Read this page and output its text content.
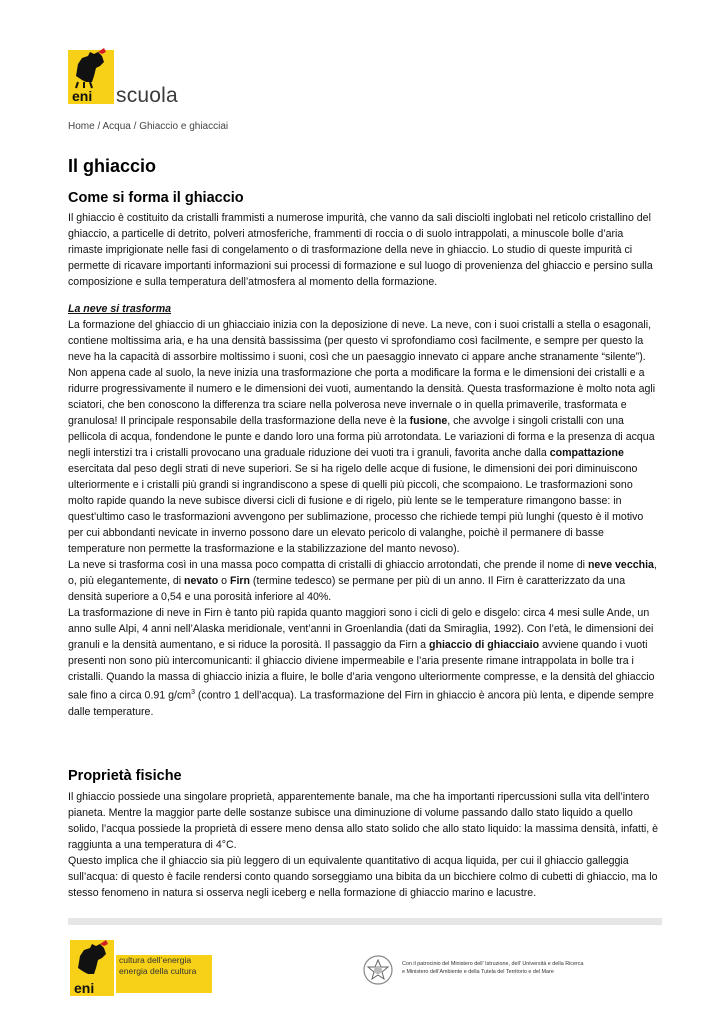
eni scuola
Home / Acqua / Ghiaccio e ghiacciai
Il ghiaccio
Come si forma il ghiaccio

Il ghiaccio è costituito da cristalli frammisti a numerose impurità, che vanno da sali disciolti inglobati nel reticolo cristallino del ghiaccio, a particelle di detrito, polveri atmosferiche, frammenti di roccia o di suolo intrappolati, a minuscole bolle d’aria rimaste imprigionate nelle fasi di congelamento o di trasformazione della neve in ghiaccio. Lo studio di queste impurità ci permette di ricavare importanti informazioni sui processi di formazione e sul luogo di provenienza del ghiaccio e persino sulla composizione e sulla temperatura dell’atmosfera al momento della formazione.

La neve si trasforma

La formazione del ghiaccio di un ghiacciaio inizia con la deposizione di neve. La neve, con i suoi cristalli a stella o esagonali, contiene moltissima aria, e ha una densità bassissima (per questo vi sprofondiamo così facilmente, e sempre per questo la neve ha la capacità di assorbire moltissimo i suoni, così che un paesaggio innevato ci appare anche stranamente “silente”).

Non appena cade al suolo, la neve inizia una trasformazione che porta a modificare la forma e le dimensioni dei cristalli e a ridurre progressivamente il numero e le dimensioni dei vuoti, aumentando la densità. Questa trasformazione è molto nota agli sciatori, che ben conoscono la differenza tra sciare nella polverosa neve invernale o in quella primaverile, trasformata e granulosa! Il principale responsabile della trasformazione della neve è la fusione, che avvolge i singoli cristalli con una pellicola di acqua, fondendone le punte e dando loro una forma più arrotondata. Le variazioni di forma e la presenza di acqua negli interstizi tra i cristalli provocano una graduale riduzione dei vuoti tra i granuli, favorita anche dalla compattazione esercitata dal peso degli strati di neve superiori. Se si ha rigelo delle acque di fusione, le dimensioni dei pori diminuiscono ulteriormente e i cristalli più grandi si ingrandiscono a spese di quelli più piccoli, che scompaiono. Le trasformazioni sono molto rapide quando la neve subisce diversi cicli di fusione e di rigelo, più lente se le temperature rimangono basse: in quest’ultimo caso le trasformazioni avvengono per sublimazione, processo che richiede tempi più lunghi (questo è il motivo per cui abbondanti nevicate in inverno possono dare un elevato pericolo di valanghe, poichè il permanere di basse temperature non permette la trasformazione e la stabilizzazione del manto nevoso).

La neve si trasforma così in una massa poco compatta di cristalli di ghiaccio arrotondati, che prende il nome di neve vecchia, o, più elegantemente, di nevato o Firn (termine tedesco) se permane per più di un anno. Il Firn è caratterizzato da una densità superiore a 0,54 e una porosità inferiore al 40%.

La trasformazione di neve in Firn è tanto più rapida quanto maggiori sono i cicli di gelo e disgelo: circa 4 mesi sulle Ande, un anno sulle Alpi, 4 anni nell’Alaska meridionale, vent’anni in Groenlandia (dati da Smiraglia, 1992). Con l’età, le dimensioni dei granuli e la densità aumentano, e si riduce la porosità. Il passaggio da Firn a ghiaccio di ghiacciaio avviene quando i vuoti presenti non sono più intercomunicanti: il ghiaccio diviene impermeabile e l’aria presente rimane intrappolata in bolle tra i cristalli. Quando la massa di ghiaccio inizia a fluire, le bolle d’aria vengono ulteriormente compresse, e la densità del ghiaccio sale fino a circa 0.91 $g/cm^3$ (contro 1 dell’acqua). La trasformazione del Firn in ghiaccio è ancora più lenta, e dipende sempre dalle temperature.

Proprietà fisiche

Il ghiaccio possiede una singolare proprietà, apparentemente banale, ma che ha importanti ripercussioni sulla vita dell’intero pianeta. Mentre la maggior parte delle sostanze subisce una diminuzione di volume passando dallo stato liquido a quello solido, l’acqua possiede la proprietà di essere meno densa allo stato solido che allo stato liquido: la massima densità, infatti, è raggiunta a una temperatura di 4°C.

Questo implica che il ghiaccio sia più leggero di un equivalente quantitativo di acqua liquida, per cui il ghiaccio galleggia sull’acqua: di questo è facile rendersi conto quando sorseggiamo una bibita da un bicchiere colmo di cubetti di ghiaccio, ma lo stesso fenomeno in natura si osserva negli iceberg e nella formazione di ghiaccio marino e lacustre.

eni
cultura dell’energia
energia della cultura
Con il patrocinio del Ministero dell’ Istruzione, dell’ Università e della Ricerca
e Ministero dell’Ambiente e della Tutela del Territorio e del Mare
